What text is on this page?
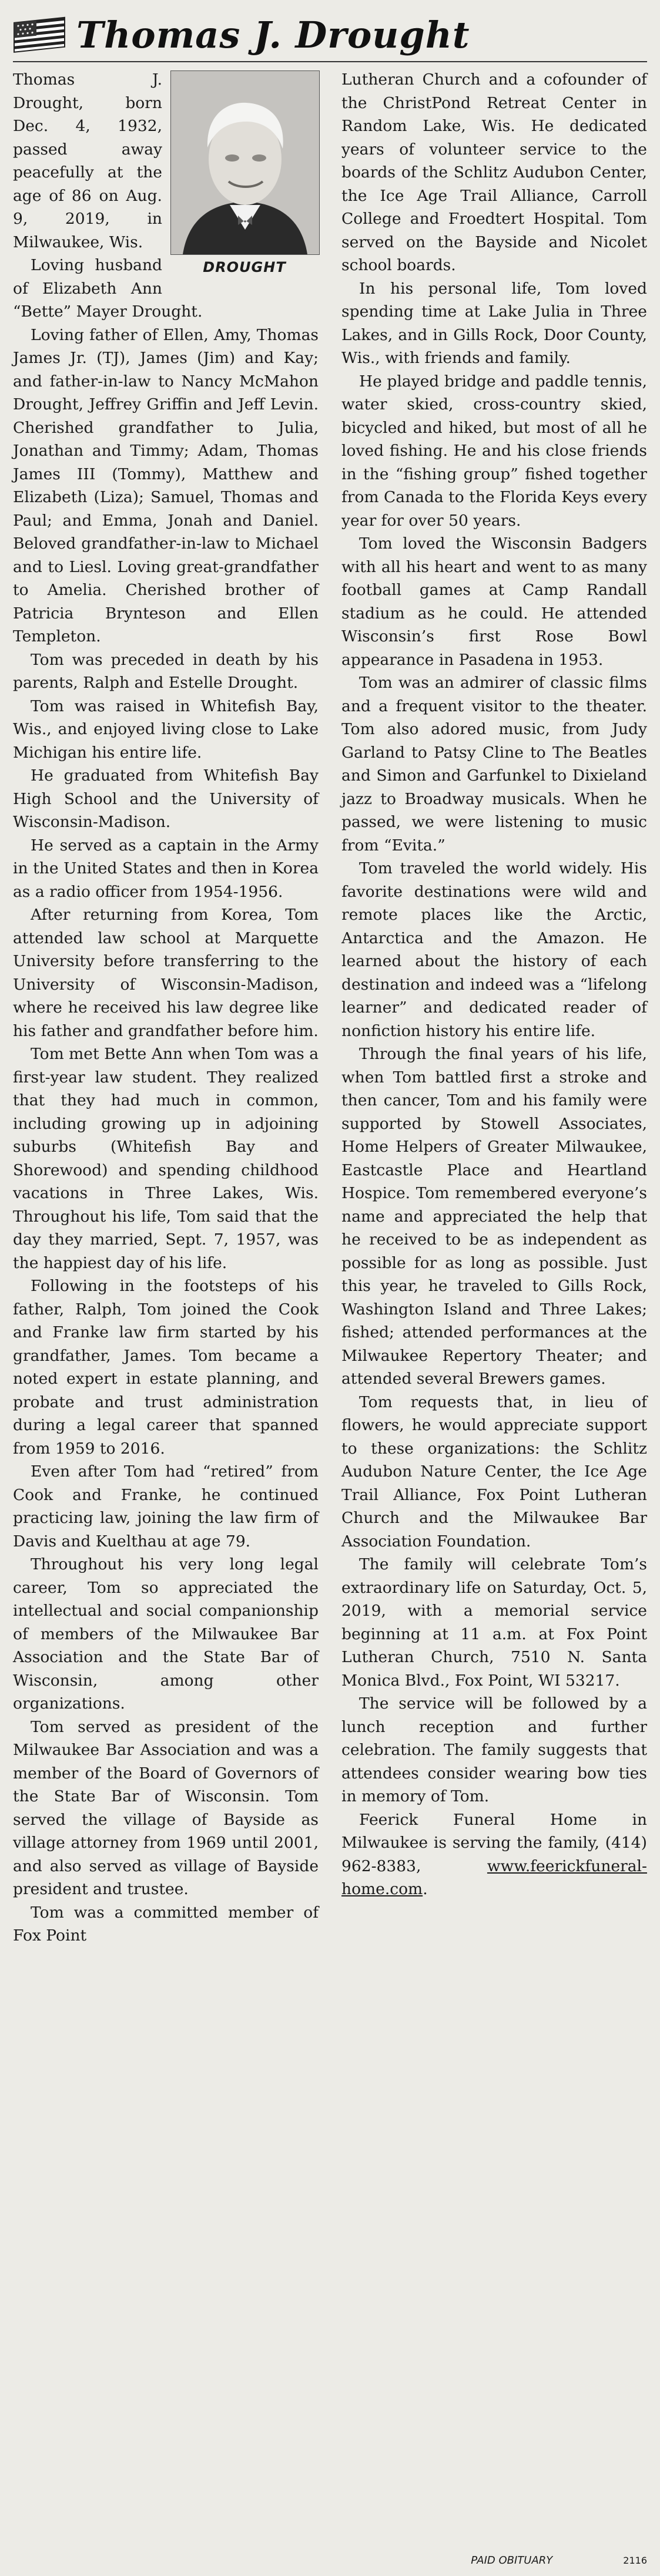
Thomas J. Drought
DROUGHT

Thomas J. Drought, born Dec. 4, 1932, passed away peacefully at the age of 86 on Aug. 9, 2019, in Milwaukee, Wis.

Loving husband of Elizabeth Ann “Bette” Mayer Drought.

Loving father of Ellen, Amy, Thomas James Jr. (TJ), James (Jim) and Kay; and father-in-law to Nancy McMahon Drought, Jeffrey Griffin and Jeff Levin. Cherished grandfather to Julia, Jonathan and Timmy; Adam, Thomas James III (Tommy), Matthew and Elizabeth (Liza); Samuel, Thomas and Paul; and Emma, Jonah and Daniel. Beloved grandfather-in-law to Michael and to Liesl. Loving great-grandfather to Amelia. Cherished brother of Patricia Brynteson and Ellen Templeton.

Tom was preceded in death by his parents, Ralph and Estelle Drought.

Tom was raised in Whitefish Bay, Wis., and enjoyed living close to Lake Michigan his entire life.

He graduated from Whitefish Bay High School and the University of Wisconsin-Madison.

He served as a captain in the Army in the United States and then in Korea as a radio officer from 1954-1956.

After returning from Korea, Tom attended law school at Marquette University before transferring to the University of Wisconsin-Madison, where he received his law degree like his father and grandfather before him.

Tom met Bette Ann when Tom was a first-year law student. They realized that they had much in common, including growing up in adjoining suburbs (Whitefish Bay and Shorewood) and spending childhood vacations in Three Lakes, Wis. Throughout his life, Tom said that the day they married, Sept. 7, 1957, was the happiest day of his life.

Following in the footsteps of his father, Ralph, Tom joined the Cook and Franke law firm started by his grandfather, James. Tom became a noted expert in estate planning, and probate and trust administration during a legal career that spanned from 1959 to 2016.

Even after Tom had “retired” from Cook and Franke, he continued practicing law, joining the law firm of Davis and Kuelthau at age 79.

Throughout his very long legal career, Tom so appreciated the intellectual and social companionship of members of the Milwaukee Bar Association and the State Bar of Wisconsin, among other organizations.

Tom served as president of the Milwaukee Bar Association and was a member of the Board of Governors of the State Bar of Wisconsin. Tom served the village of Bayside as village attorney from 1969 until 2001, and also served as village of Bayside president and trustee.

Tom was a committed member of Fox Point

Lutheran Church and a cofounder of the ChristPond Retreat Center in Random Lake, Wis. He dedicated years of volunteer service to the boards of the Schlitz Audubon Center, the Ice Age Trail Alliance, Carroll College and Froedtert Hospital. Tom served on the Bayside and Nicolet school boards.

In his personal life, Tom loved spending time at Lake Julia in Three Lakes, and in Gills Rock, Door County, Wis., with friends and family.

He played bridge and paddle tennis, water skied, cross-country skied, bicycled and hiked, but most of all he loved fishing. He and his close friends in the “fishing group” fished together from Canada to the Florida Keys every year for over 50 years.

Tom loved the Wisconsin Badgers with all his heart and went to as many football games at Camp Randall stadium as he could. He attended Wisconsin’s first Rose Bowl appearance in Pasadena in 1953.

Tom was an admirer of classic films and a frequent visitor to the theater. Tom also adored music, from Judy Garland to Patsy Cline to The Beatles and Simon and Garfunkel to Dixieland jazz to Broadway musicals. When he passed, we were listening to music from “Evita.”

Tom traveled the world widely. His favorite destinations were wild and remote places like the Arctic, Antarctica and the Amazon. He learned about the history of each destination and indeed was a “lifelong learner” and dedicated reader of nonfiction history his entire life.

Through the final years of his life, when Tom battled first a stroke and then cancer, Tom and his family were supported by Stowell Associates, Home Helpers of Greater Milwaukee, Eastcastle Place and Heartland Hospice. Tom remembered everyone’s name and appreciated the help that he received to be as independent as possible for as long as possible. Just this year, he traveled to Gills Rock, Washington Island and Three Lakes; fished; attended performances at the Milwaukee Repertory Theater; and attended several Brewers games.

Tom requests that, in lieu of flowers, he would appreciate support to these organizations: the Schlitz Audubon Nature Center, the Ice Age Trail Alliance, Fox Point Lutheran Church and the Milwaukee Bar Association Foundation.

The family will celebrate Tom’s extraordinary life on Saturday, Oct. 5, 2019, with a memorial service beginning at 11 a.m. at Fox Point Lutheran Church, 7510 N. Santa Monica Blvd., Fox Point, WI 53217.

The service will be followed by a lunch reception and further celebration. The family suggests that attendees consider wearing bow ties in memory of Tom.

Feerick Funeral Home in Milwaukee is serving the family, (414) 962-8383,	www.feerickfuneral-home.com.

PAID OBITUARY	2116
